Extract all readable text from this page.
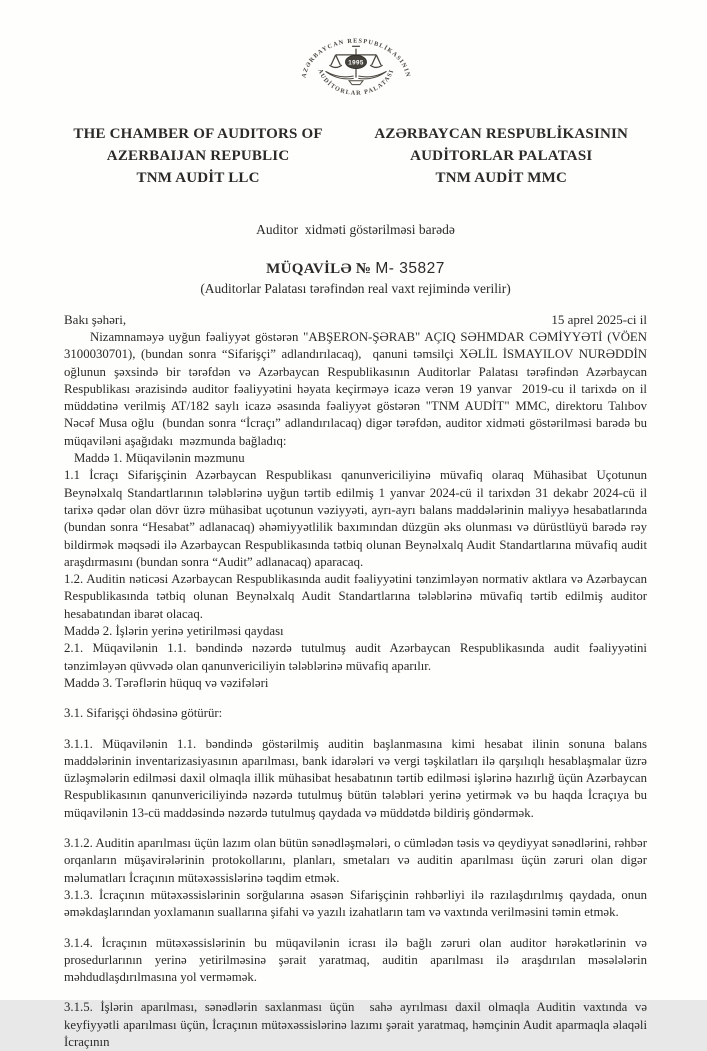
AZƏRBAYCAN RESPUBLİKASININ
AUDİTORLAR PALATASI
1995
THE CHAMBER OF AUDITORS OF
AZERBAIJAN REPUBLIC
TNM AUDİT LLC
AZƏRBAYCAN RESPUBLİKASININ
AUDİTORLAR PALATASI
TNM AUDİT MMC
Auditor  xidməti göstərilməsi barədə
MÜQAVİLƏ № M- 35827
(Auditorlar Palatası tərəfindən real vaxt rejimində verilir)
Bakı şəhəri,	15 aprel 2025-ci il

Nizamnaməyə uyğun fəaliyyət göstərən "ABŞERON-ŞƏRAB" AÇIQ SƏHMDAR CƏMİYYƏTİ (VÖEN 3100030701), (bundan sonra “Sifarişçi” adlandırılacaq),  qanuni təmsilçi XƏLİL İSMAYILOV NURƏDDİN oğlunun şəxsində bir tərəfdən və Azərbaycan Respublikasının Auditorlar Palatası tərəfindən Azərbaycan Respublikası ərazisində auditor fəaliyyətini həyata keçirməyə icazə verən 19 yanvar  2019-cu il tarixdə on il müddətinə verilmiş AT/182 saylı icazə əsasında fəaliyyət göstərən "TNM AUDİT" MMC, direktoru Talıbov Nəcəf Musa oğlu  (bundan sonra “İcraçı” adlandırılacaq) digər tərəfdən, auditor xidməti göstərilməsi barədə bu müqaviləni aşağıdakı  məzmunda bağladıq:

Maddə 1. Müqavilənin məzmunu

1.1 İcraçı Sifarişçinin Azərbaycan Respublikası qanunvericiliyinə müvafiq olaraq Mühasibat Uçotunun Beynəlxalq Standartlarının tələblərinə uyğun tərtib edilmiş 1 yanvar 2024-cü il tarixdən 31 dekabr 2024-cü il tarixə qədər olan dövr üzrə mühasibat uçotunun vəziyyəti, ayrı-ayrı balans maddələrinin maliyyə hesabatlarında (bundan sonra “Hesabat” adlanacaq) əhəmiyyətlilik baxımından düzgün əks olunması və dürüstlüyü barədə rəy bildirmək məqsədi ilə Azərbaycan Respublikasında tətbiq olunan Beynəlxalq Audit Standartlarına müvafiq audit araşdırmasını (bundan sonra “Audit” adlanacaq) aparacaq.

1.2. Auditin nəticəsi Azərbaycan Respublikasında audit fəaliyyətini tənzimləyən normativ aktlara və Azərbaycan Respublikasında tətbiq olunan Beynəlxalq Audit Standartlarına tələblərinə müvafiq tərtib edilmiş auditor hesabatından ibarət olacaq.

Maddə 2. İşlərin yerinə yetirilməsi qaydası

2.1. Müqavilənin 1.1. bəndində nəzərdə tutulmuş audit Azərbaycan Respublikasında audit fəaliyyətini tənzimləyən qüvvədə olan qanunvericiliyin tələblərinə müvafiq aparılır.

Maddə 3. Tərəflərin hüquq və vəzifələri

3.1. Sifarişçi öhdəsinə götürür:

3.1.1. Müqavilənin 1.1. bəndində göstərilmiş auditin başlanmasına kimi hesabat ilinin sonuna balans maddələrinin inventarizasiyasının aparılması, bank idarələri və vergi təşkilatları ilə qarşılıqlı hesablaşmalar üzrə üzləşmələrin edilməsi daxil olmaqla illik mühasibat hesabatının tərtib edilməsi işlərinə hazırlığ üçün Azərbaycan Respublikasının qanunvericiliyində nəzərdə tutulmuş bütün tələbləri yerinə yetirmək və bu haqda İcraçıya bu müqavilənin 13-cü maddəsində nəzərdə tutulmuş qaydada və müddətdə bildiriş göndərmək.

3.1.2. Auditin aparılması üçün lazım olan bütün sənədləşmələri, o cümlədən təsis və qeydiyyat sənədlərini, rəhbər orqanların müşavirələrinin protokollarını, planları, smetaları və auditin aparılması üçün zəruri olan digər məlumatları İcraçının mütəxəssislərinə təqdim etmək.

3.1.3. İcraçının mütəxəssislərinin sorğularına əsasən Sifarişçinin rəhbərliyi ilə razılaşdırılmış qaydada, onun əməkdaşlarından yoxlamanın suallarına şifahi və yazılı izahatların tam və vaxtında verilməsini təmin etmək.

3.1.4. İcraçının mütəxəssislərinin bu müqavilənin icrası ilə bağlı zəruri olan auditor hərəkətlərinin və prosedurlarının yerinə yetirilməsinə şərait yaratmaq, auditin aparılması ilə araşdırılan məsələlərin məhdudlaşdırılmasına yol verməmək.

3.1.5. İşlərin aparılması, sənədlərin saxlanması üçün  sahə ayrılması daxil olmaqla Auditin vaxtında və keyfiyyətli aparılması üçün, İcraçının mütəxəssislərinə lazımı şərait yaratmaq, həmçinin Audit aparmaqla əlaqəli İcraçının
